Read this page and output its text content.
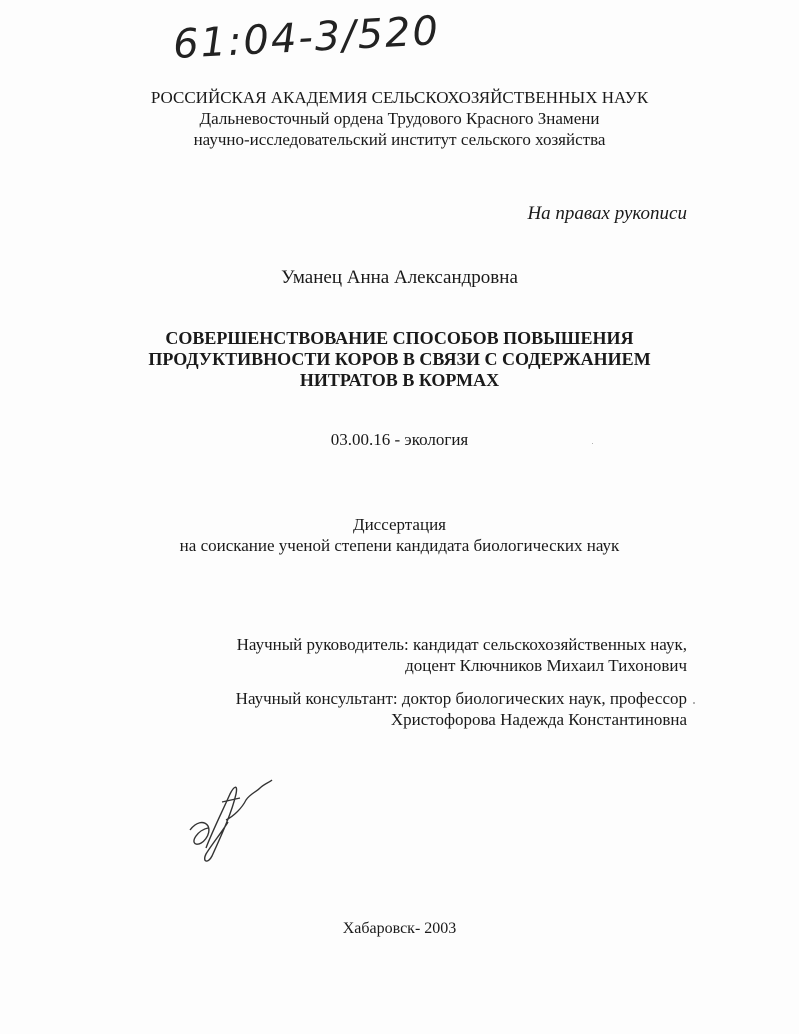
61:04-3/520
РОССИЙСКАЯ АКАДЕМИЯ СЕЛЬСКОХОЗЯЙСТВЕННЫХ НАУК
Дальневосточный ордена Трудового Красного Знамени
научно-исследовательский институт сельского хозяйства
На правах рукописи
Уманец Анна Александровна
СОВЕРШЕНСТВОВАНИЕ СПОСОБОВ ПОВЫШЕНИЯ
ПРОДУКТИВНОСТИ КОРОВ В СВЯЗИ С СОДЕРЖАНИЕМ
НИТРАТОВ В КОРМАХ
03.00.16 - экология
Диссертация
на соискание ученой степени кандидата биологических наук
Научный руководитель: кандидат сельскохозяйственных наук,
доцент Ключников Михаил Тихонович
Научный консультант: доктор биологических наук, профессор
Христофорова Надежда Константиновна
Хабаровск- 2003
